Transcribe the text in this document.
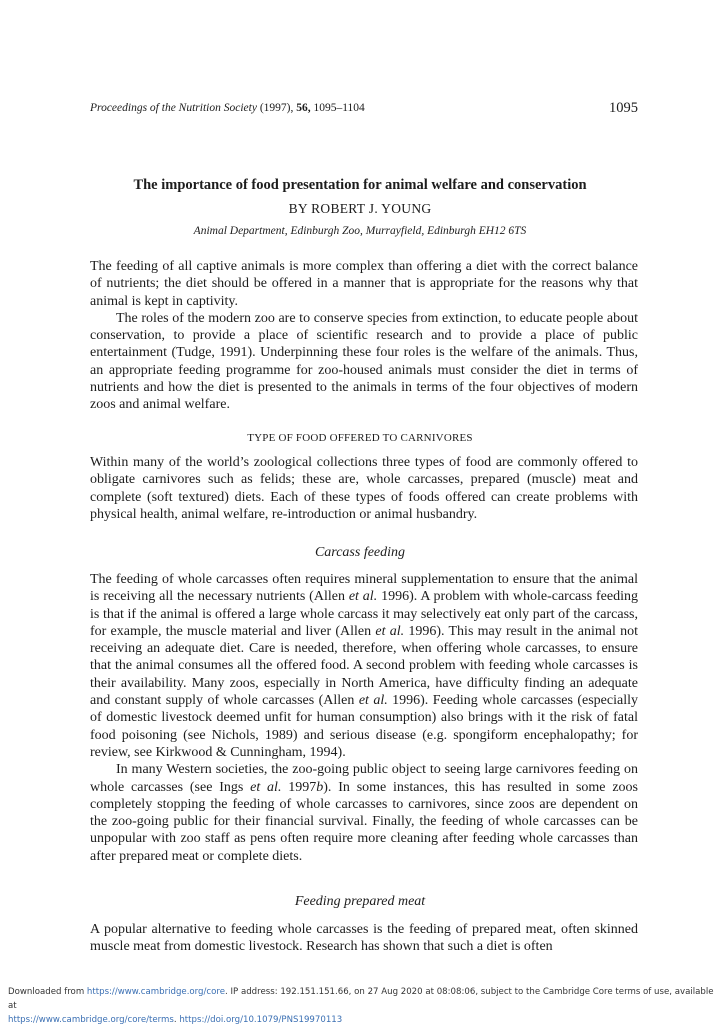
Proceedings of the Nutrition Society (1997), 56, 1095–1104	1095
The importance of food presentation for animal welfare and conservation
BY ROBERT J. YOUNG
Animal Department, Edinburgh Zoo, Murrayfield, Edinburgh EH12 6TS

The feeding of all captive animals is more complex than offering a diet with the correct balance of nutrients; the diet should be offered in a manner that is appropriate for the reasons why that animal is kept in captivity.

The roles of the modern zoo are to conserve species from extinction, to educate people about conservation, to provide a place of scientific research and to provide a place of public entertainment (Tudge, 1991). Underpinning these four roles is the welfare of the animals. Thus, an appropriate feeding programme for zoo-housed animals must consider the diet in terms of nutrients and how the diet is presented to the animals in terms of the four objectives of modern zoos and animal welfare.

TYPE OF FOOD OFFERED TO CARNIVORES

Within many of the world’s zoological collections three types of food are commonly offered to obligate carnivores such as felids; these are, whole carcasses, prepared (muscle) meat and complete (soft textured) diets. Each of these types of foods offered can create problems with physical health, animal welfare, re-introduction or animal husbandry.

Carcass feeding

The feeding of whole carcasses often requires mineral supplementation to ensure that the animal is receiving all the necessary nutrients (Allen et al. 1996). A problem with whole-carcass feeding is that if the animal is offered a large whole carcass it may selectively eat only part of the carcass, for example, the muscle material and liver (Allen et al. 1996). This may result in the animal not receiving an adequate diet. Care is needed, therefore, when offering whole carcasses, to ensure that the animal consumes all the offered food. A second problem with feeding whole carcasses is their availability. Many zoos, especially in North America, have difficulty finding an adequate and constant supply of whole carcasses (Allen et al. 1996). Feeding whole carcasses (especially of domestic livestock deemed unfit for human consumption) also brings with it the risk of fatal food poisoning (see Nichols, 1989) and serious disease (e.g. spongiform encephalopathy; for review, see Kirkwood & Cunningham, 1994).

In many Western societies, the zoo-going public object to seeing large carnivores feeding on whole carcasses (see Ings et al. 1997b). In some instances, this has resulted in some zoos completely stopping the feeding of whole carcasses to carnivores, since zoos are dependent on the zoo-going public for their financial survival. Finally, the feeding of whole carcasses can be unpopular with zoo staff as pens often require more cleaning after feeding whole carcasses than after prepared meat or complete diets.

Feeding prepared meat

A popular alternative to feeding whole carcasses is the feeding of prepared meat, often skinned muscle meat from domestic livestock. Research has shown that such a diet is often

Downloaded from https://www.cambridge.org/core. IP address: 192.151.151.66, on 27 Aug 2020 at 08:08:06, subject to the Cambridge Core terms of use, available at
https://www.cambridge.org/core/terms. https://doi.org/10.1079/PNS19970113
